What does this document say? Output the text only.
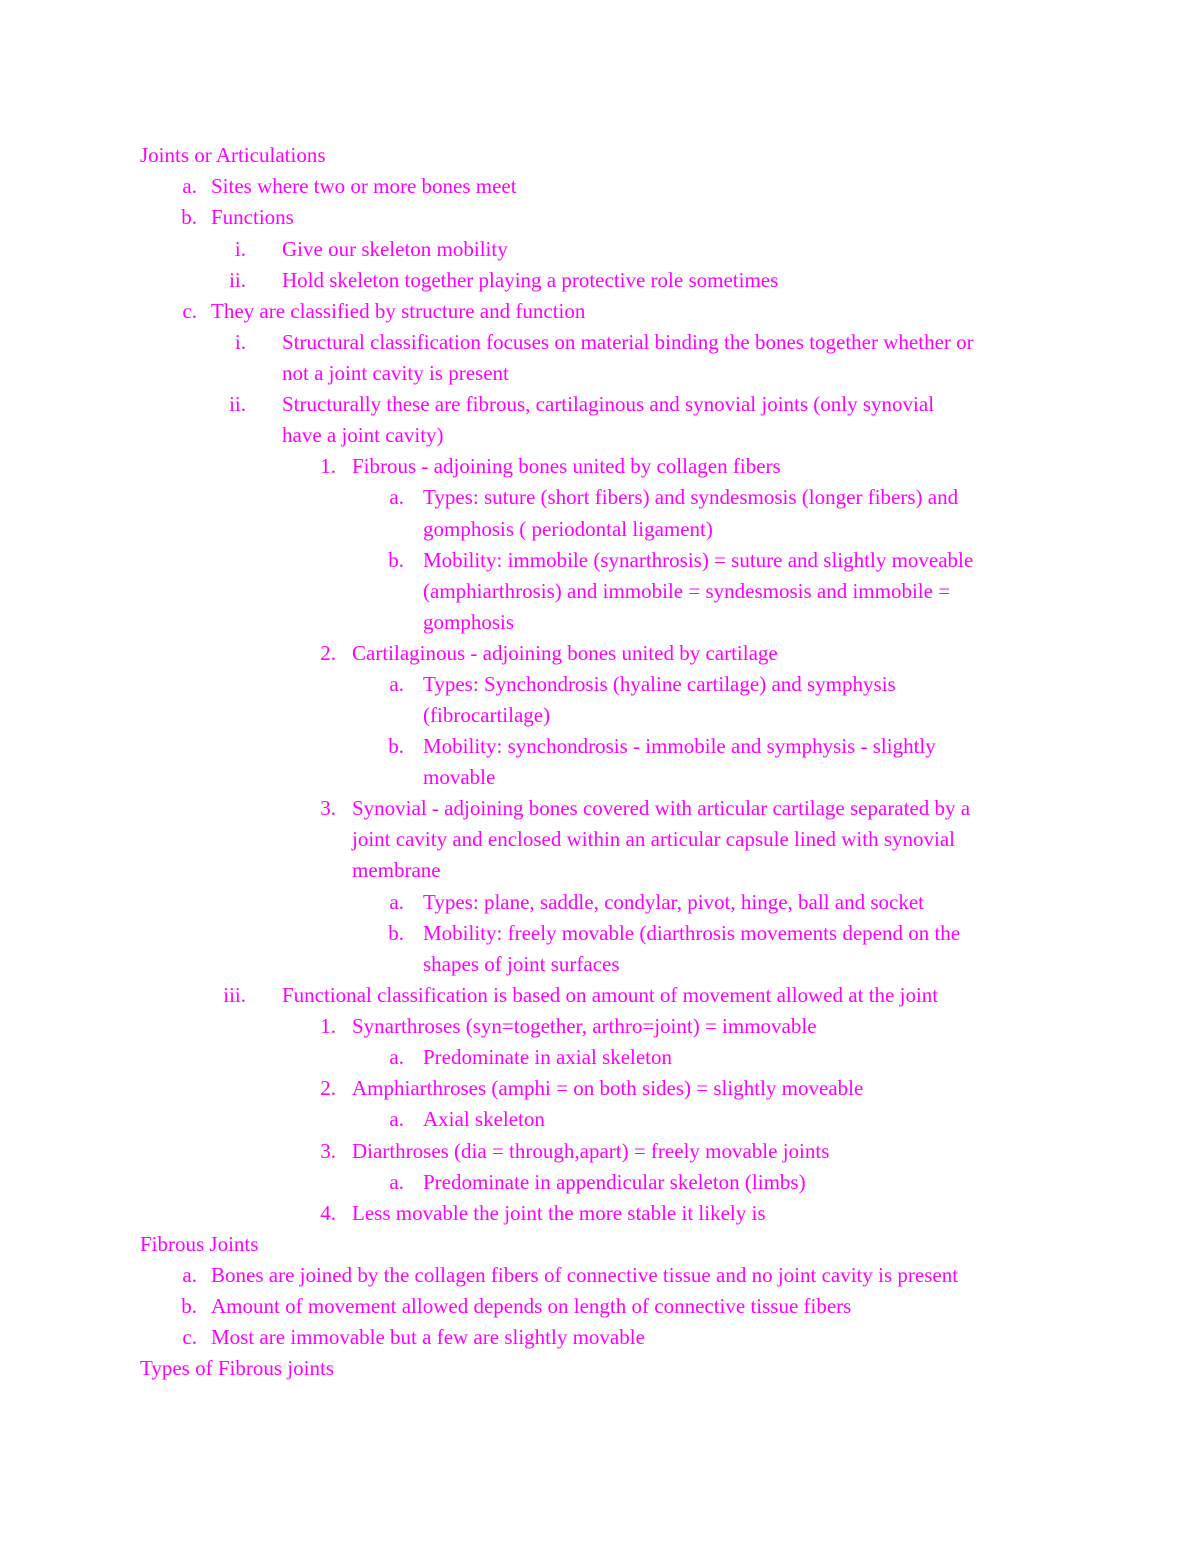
Joints or Articulations
a. Sites where two or more bones meet
b. Functions
i. Give our skeleton mobility
ii. Hold skeleton together playing a protective role sometimes
c. They are classified by structure and function
i. Structural classification focuses on material binding the bones together whether or
not a joint cavity is present
ii. Structurally these are fibrous, cartilaginous and synovial joints (only synovial
have a joint cavity)
1. Fibrous - adjoining bones united by collagen fibers
a. Types: suture (short fibers) and syndesmosis (longer fibers) and
gomphosis ( periodontal ligament)
b. Mobility: immobile (synarthrosis) = suture and slightly moveable
(amphiarthrosis) and immobile = syndesmosis and immobile =
gomphosis
2. Cartilaginous - adjoining bones united by cartilage
a. Types: Synchondrosis (hyaline cartilage) and symphysis
(fibrocartilage)
b. Mobility: synchondrosis - immobile and symphysis - slightly
movable
3. Synovial - adjoining bones covered with articular cartilage separated by a
joint cavity and enclosed within an articular capsule lined with synovial
membrane
a. Types: plane, saddle, condylar, pivot, hinge, ball and socket
b. Mobility: freely movable (diarthrosis movements depend on the
shapes of joint surfaces
iii. Functional classification is based on amount of movement allowed at the joint
1. Synarthroses (syn=together, arthro=joint) = immovable
a. Predominate in axial skeleton
2. Amphiarthroses (amphi = on both sides) = slightly moveable
a. Axial skeleton
3. Diarthroses (dia = through,apart) = freely movable joints
a. Predominate in appendicular skeleton (limbs)
4. Less movable the joint the more stable it likely is
Fibrous Joints
a. Bones are joined by the collagen fibers of connective tissue and no joint cavity is present
b. Amount of movement allowed depends on length of connective tissue fibers
c. Most are immovable but a few are slightly movable
Types of Fibrous joints
